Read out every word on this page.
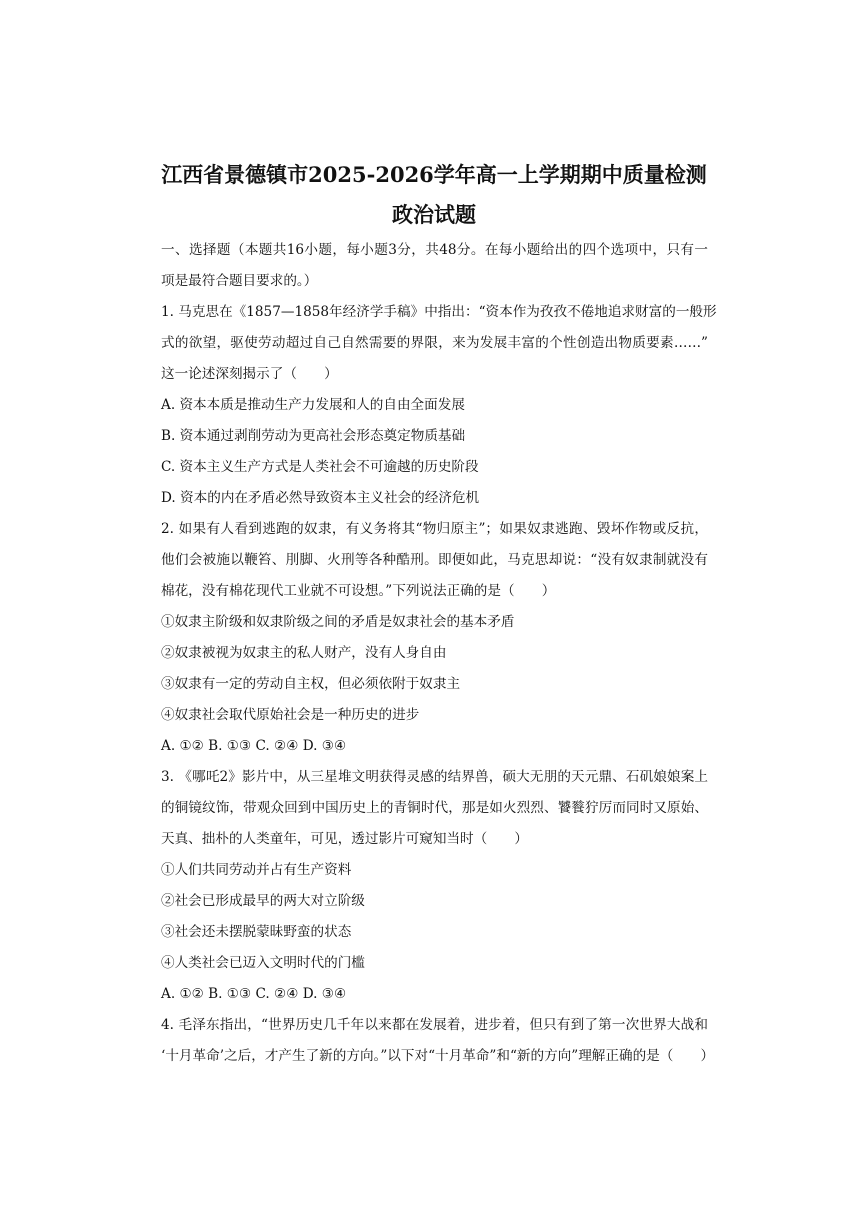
江西省景德镇市2025-2026学年高一上学期期中质量检测
政治试题
一、选择题（本题共16小题，每小题3分，共48分。在每小题给出的四个选项中，只有一
项是最符合题目要求的。）
1. 马克思在《1857—1858年经济学手稿》中指出：“资本作为孜孜不倦地追求财富的一般形
式的欲望，驱使劳动超过自己自然需要的界限，来为发展丰富的个性创造出物质要素……”
这一论述深刻揭示了（　　）
A. 资本本质是推动生产力发展和人的自由全面发展
B. 资本通过剥削劳动为更高社会形态奠定物质基础
C. 资本主义生产方式是人类社会不可逾越的历史阶段
D. 资本的内在矛盾必然导致资本主义社会的经济危机
2. 如果有人看到逃跑的奴隶，有义务将其“物归原主”；如果奴隶逃跑、毁坏作物或反抗，
他们会被施以鞭笞、刖脚、火刑等各种酷刑。即便如此，马克思却说：“没有奴隶制就没有
棉花，没有棉花现代工业就不可设想。”下列说法正确的是（　　）
①奴隶主阶级和奴隶阶级之间的矛盾是奴隶社会的基本矛盾
②奴隶被视为奴隶主的私人财产，没有人身自由
③奴隶有一定的劳动自主权，但必须依附于奴隶主
④奴隶社会取代原始社会是一种历史的进步
A. ①② B. ①③ C. ②④ D. ③④
3. 《哪吒2》影片中，从三星堆文明获得灵感的结界兽，硕大无朋的天元鼎、石矶娘娘案上
的铜镜纹饰，带观众回到中国历史上的青铜时代，那是如火烈烈、饕餮狞厉而同时又原始、
天真、拙朴的人类童年，可见，透过影片可窥知当时（　　）
①人们共同劳动并占有生产资料
②社会已形成最早的两大对立阶级
③社会还未摆脱蒙昧野蛮的状态
④人类社会已迈入文明时代的门槛
A. ①② B. ①③ C. ②④ D. ③④
4. 毛泽东指出，“世界历史几千年以来都在发展着，进步着，但只有到了第一次世界大战和
‘十月革命’之后，才产生了新的方向。”以下对“十月革命”和“新的方向”理解正确的是（　　）
